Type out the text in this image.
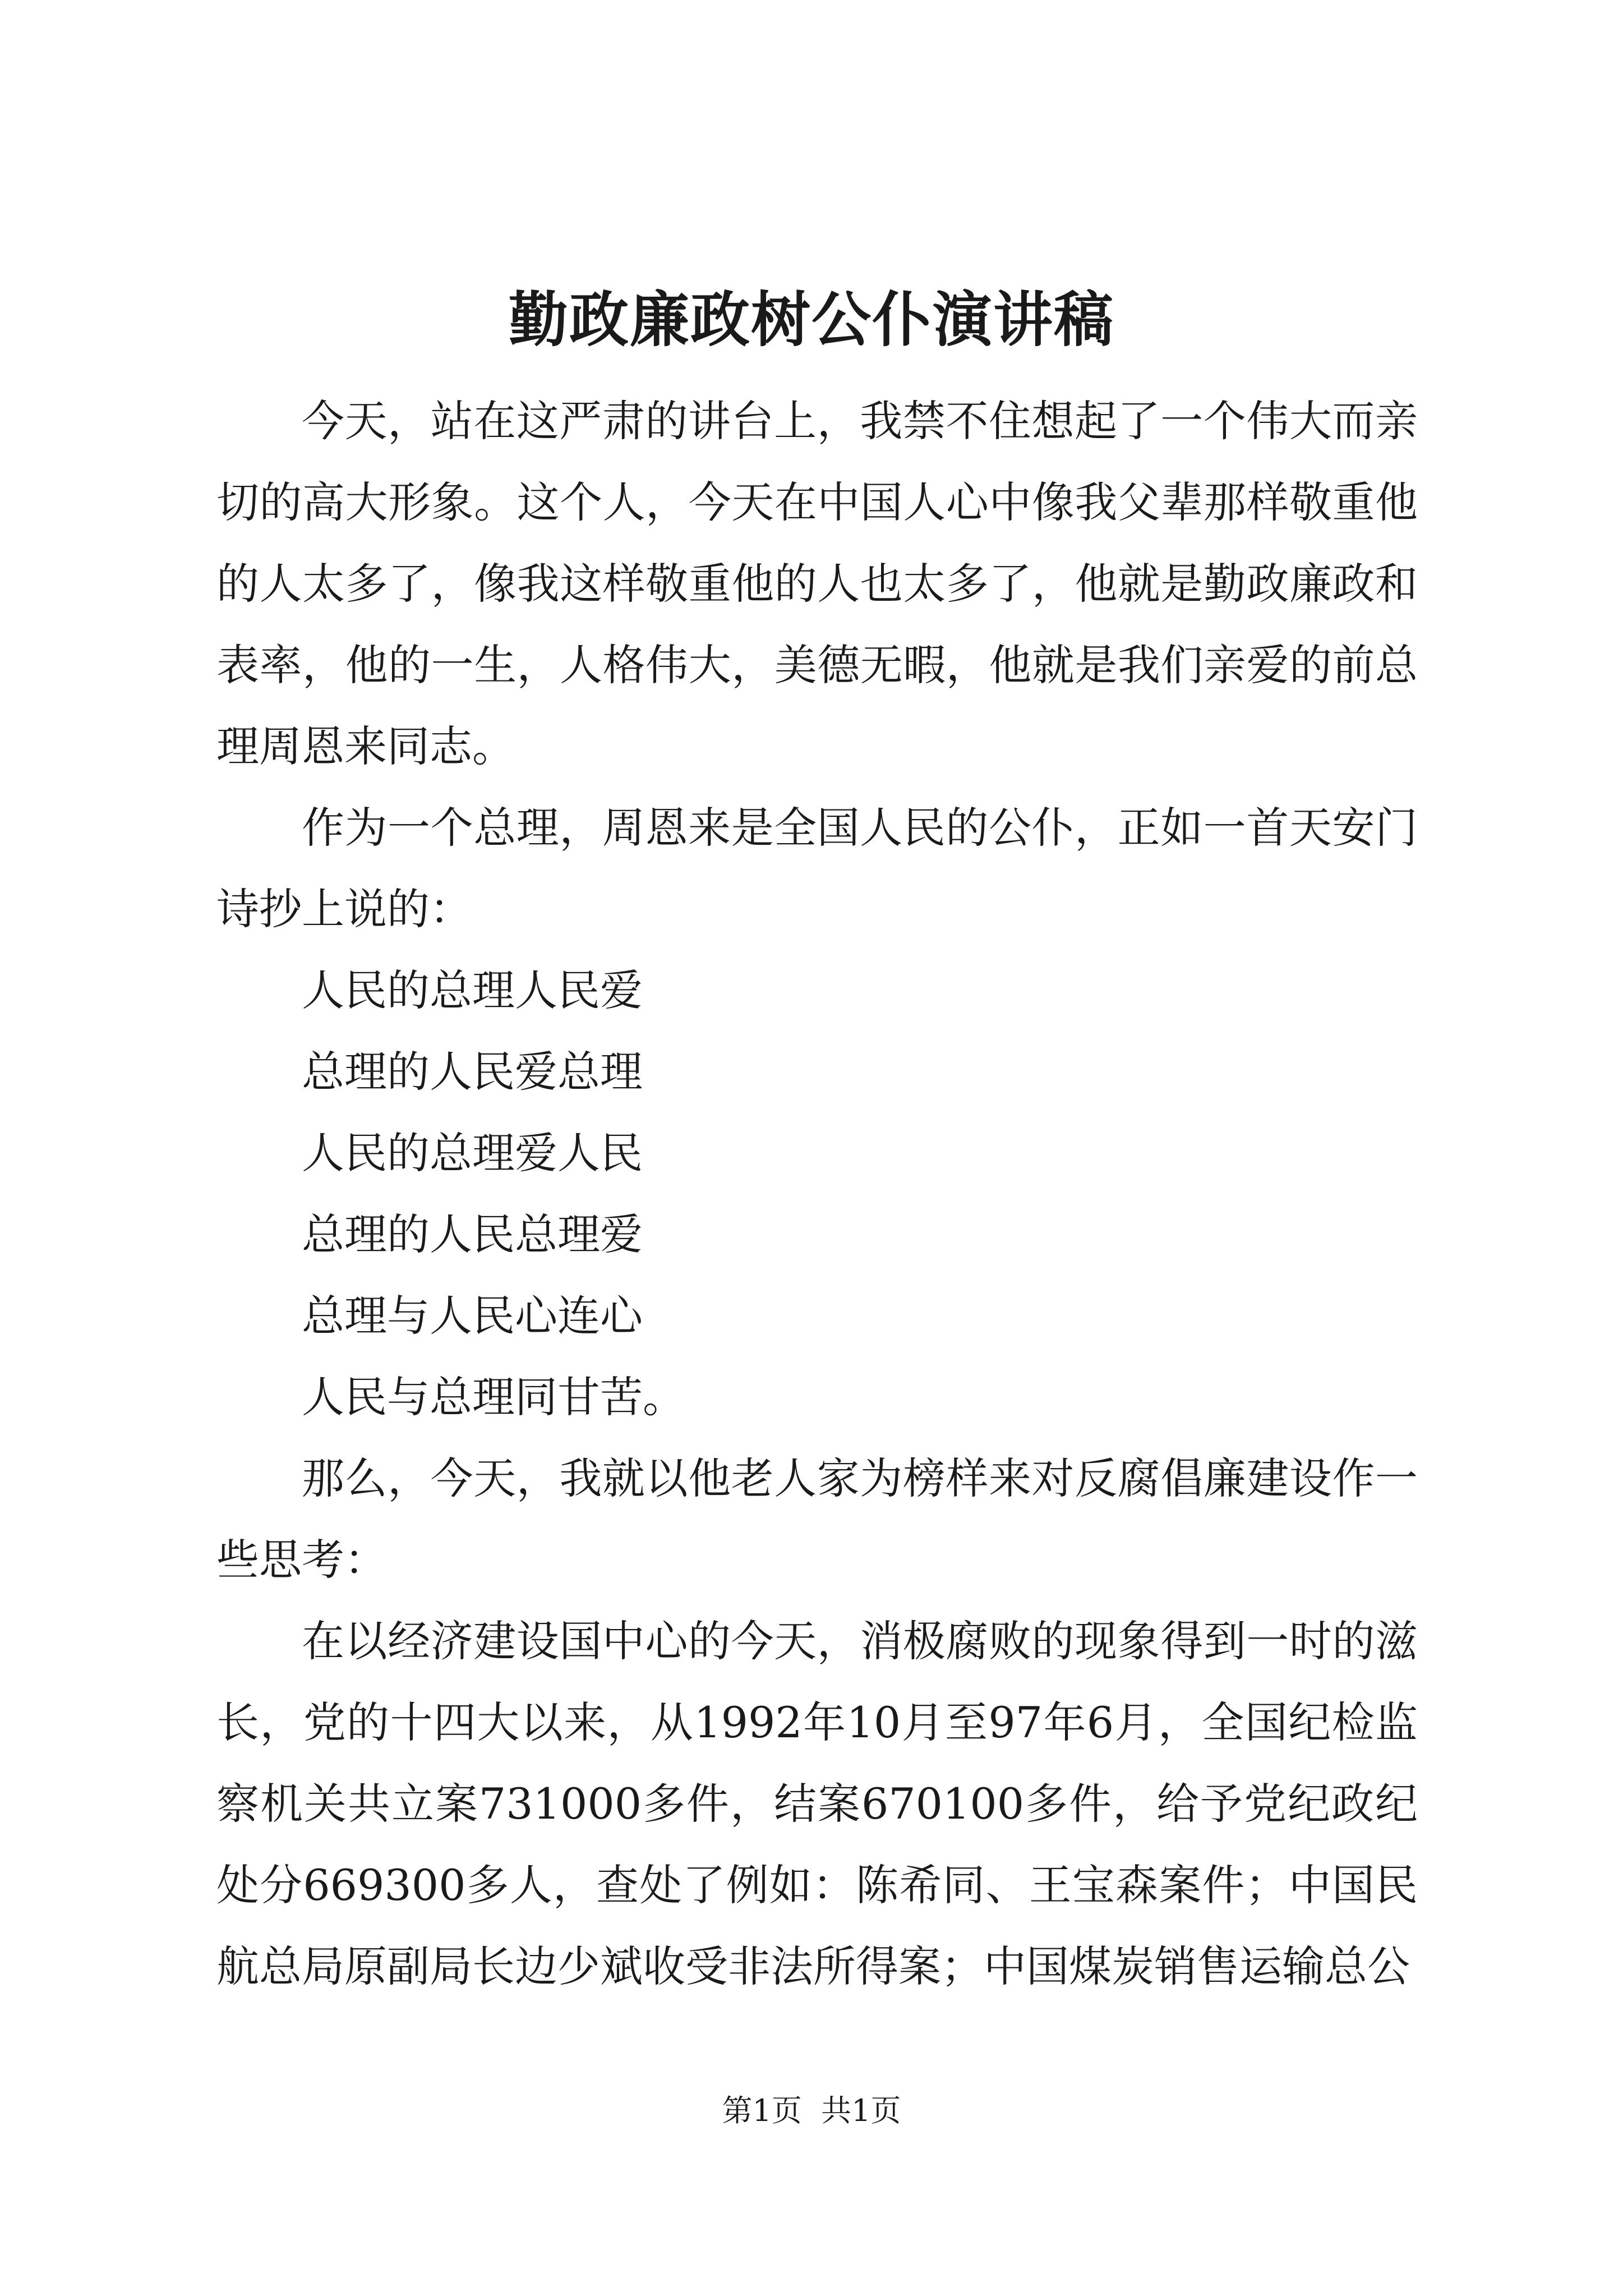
勤政廉政树公仆演讲稿

今天，站在这严肃的讲台上，我禁不住想起了一个伟大而亲切的高大形象。这个人，今天在中国人心中像我父辈那样敬重他的人太多了，像我这样敬重他的人也太多了，他就是勤政廉政和表率，他的一生，人格伟大，美德无暇，他就是我们亲爱的前总理周恩来同志。

作为一个总理，周恩来是全国人民的公仆，正如一首天安门诗抄上说的：

人民的总理人民爱

总理的人民爱总理

人民的总理爱人民

总理的人民总理爱

总理与人民心连心

人民与总理同甘苦。

那么，今天，我就以他老人家为榜样来对反腐倡廉建设作一些思考：

在以经济建设国中心的今天，消极腐败的现象得到一时的滋长，党的十四大以来，从1992年10月至97年6月，全国纪检监察机关共立案731000多件，结案670100多件，给予党纪政纪处分669300多人，查处了例如：陈希同、王宝森案件；中国民航总局原副局长边少斌收受非法所得案；中国煤炭销售运输总公

第1页  共1页
